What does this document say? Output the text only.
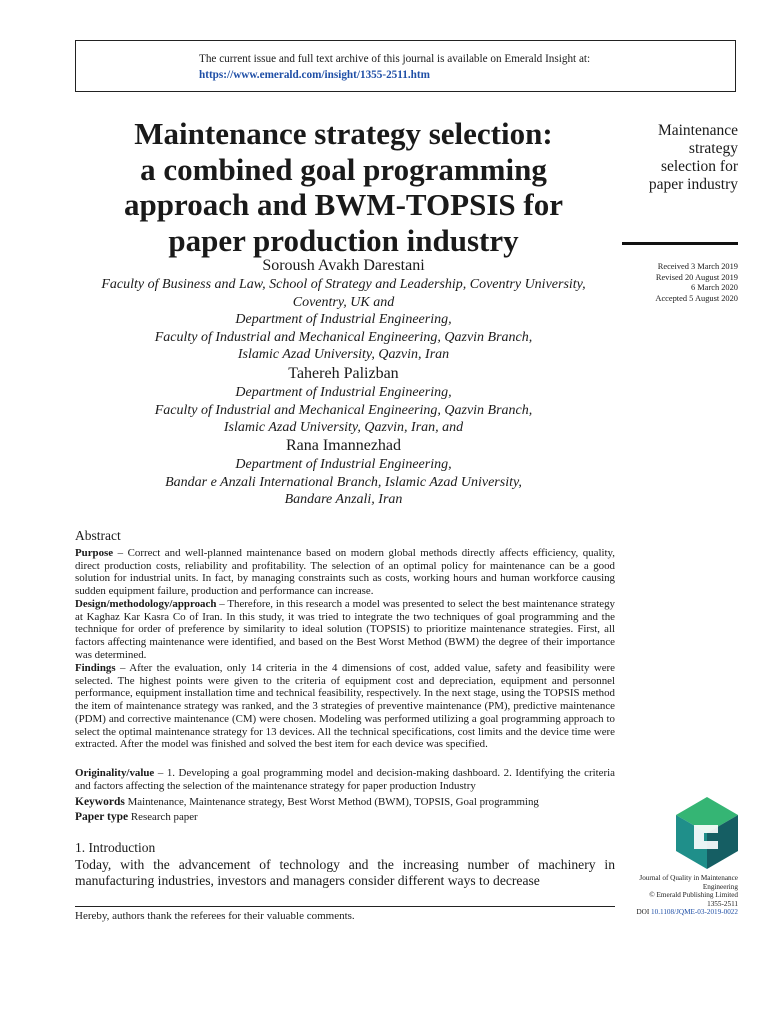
The current issue and full text archive of this journal is available on Emerald Insight at:
https://www.emerald.com/insight/1355-2511.htm
Maintenance strategy selection:
a combined goal programming
approach and BWM-TOPSIS for
paper production industry
Maintenance
strategy
selection for
paper industry
Received 3 March 2019
Revised 20 August 2019
6 March 2020
Accepted 5 August 2020
Soroush Avakh Darestani
Faculty of Business and Law, School of Strategy and Leadership, Coventry University,
Coventry, UK and
Department of Industrial Engineering,
Faculty of Industrial and Mechanical Engineering, Qazvin Branch,
Islamic Azad University, Qazvin, Iran
Tahereh Palizban
Department of Industrial Engineering,
Faculty of Industrial and Mechanical Engineering, Qazvin Branch,
Islamic Azad University, Qazvin, Iran, and
Rana Imannezhad
Department of Industrial Engineering,
Bandar e Anzali International Branch, Islamic Azad University,
Bandare Anzali, Iran
Abstract

Purpose – Correct and well-planned maintenance based on modern global methods directly affects efficiency, quality, direct production costs, reliability and profitability. The selection of an optimal policy for maintenance can be a good solution for industrial units. In fact, by managing constraints such as costs, working hours and human workforce causing sudden equipment failure, production and performance can increase.

Design/methodology/approach – Therefore, in this research a model was presented to select the best maintenance strategy at Kaghaz Kar Kasra Co of Iran. In this study, it was tried to integrate the two techniques of goal programming and the technique for order of preference by similarity to ideal solution (TOPSIS) to prioritize maintenance strategies. First, all factors affecting maintenance were identified, and based on the Best Worst Method (BWM) the degree of their importance was determined.

Findings – After the evaluation, only 14 criteria in the 4 dimensions of cost, added value, safety and feasibility were selected. The highest points were given to the criteria of equipment cost and depreciation, equipment and personnel performance, equipment installation time and technical feasibility, respectively. In the next stage, using the TOPSIS method the item of maintenance strategy was ranked, and the 3 strategies of preventive maintenance (PM), predictive maintenance (PDM) and corrective maintenance (CM) were chosen. Modeling was performed utilizing a goal programming approach to select the optimal maintenance strategy for 13 devices. All the technical specifications, cost limits and the device time were extracted. After the model was finished and solved the best item for each device was specified.

Originality/value – 1. Developing a goal programming model and decision-making dashboard. 2. Identifying the criteria and factors affecting the selection of the maintenance strategy for paper production Industry

Keywords Maintenance, Maintenance strategy, Best Worst Method (BWM), TOPSIS, Goal programming

Paper type Research paper

1. Introduction

Today, with the advancement of technology and the increasing number of machinery in manufacturing industries, investors and managers consider different ways to decrease

Hereby, authors thank the referees for their valuable comments.
Journal of Quality in Maintenance
Engineering
© Emerald Publishing Limited
1355-2511
DOI 10.1108/JQME-03-2019-0022
